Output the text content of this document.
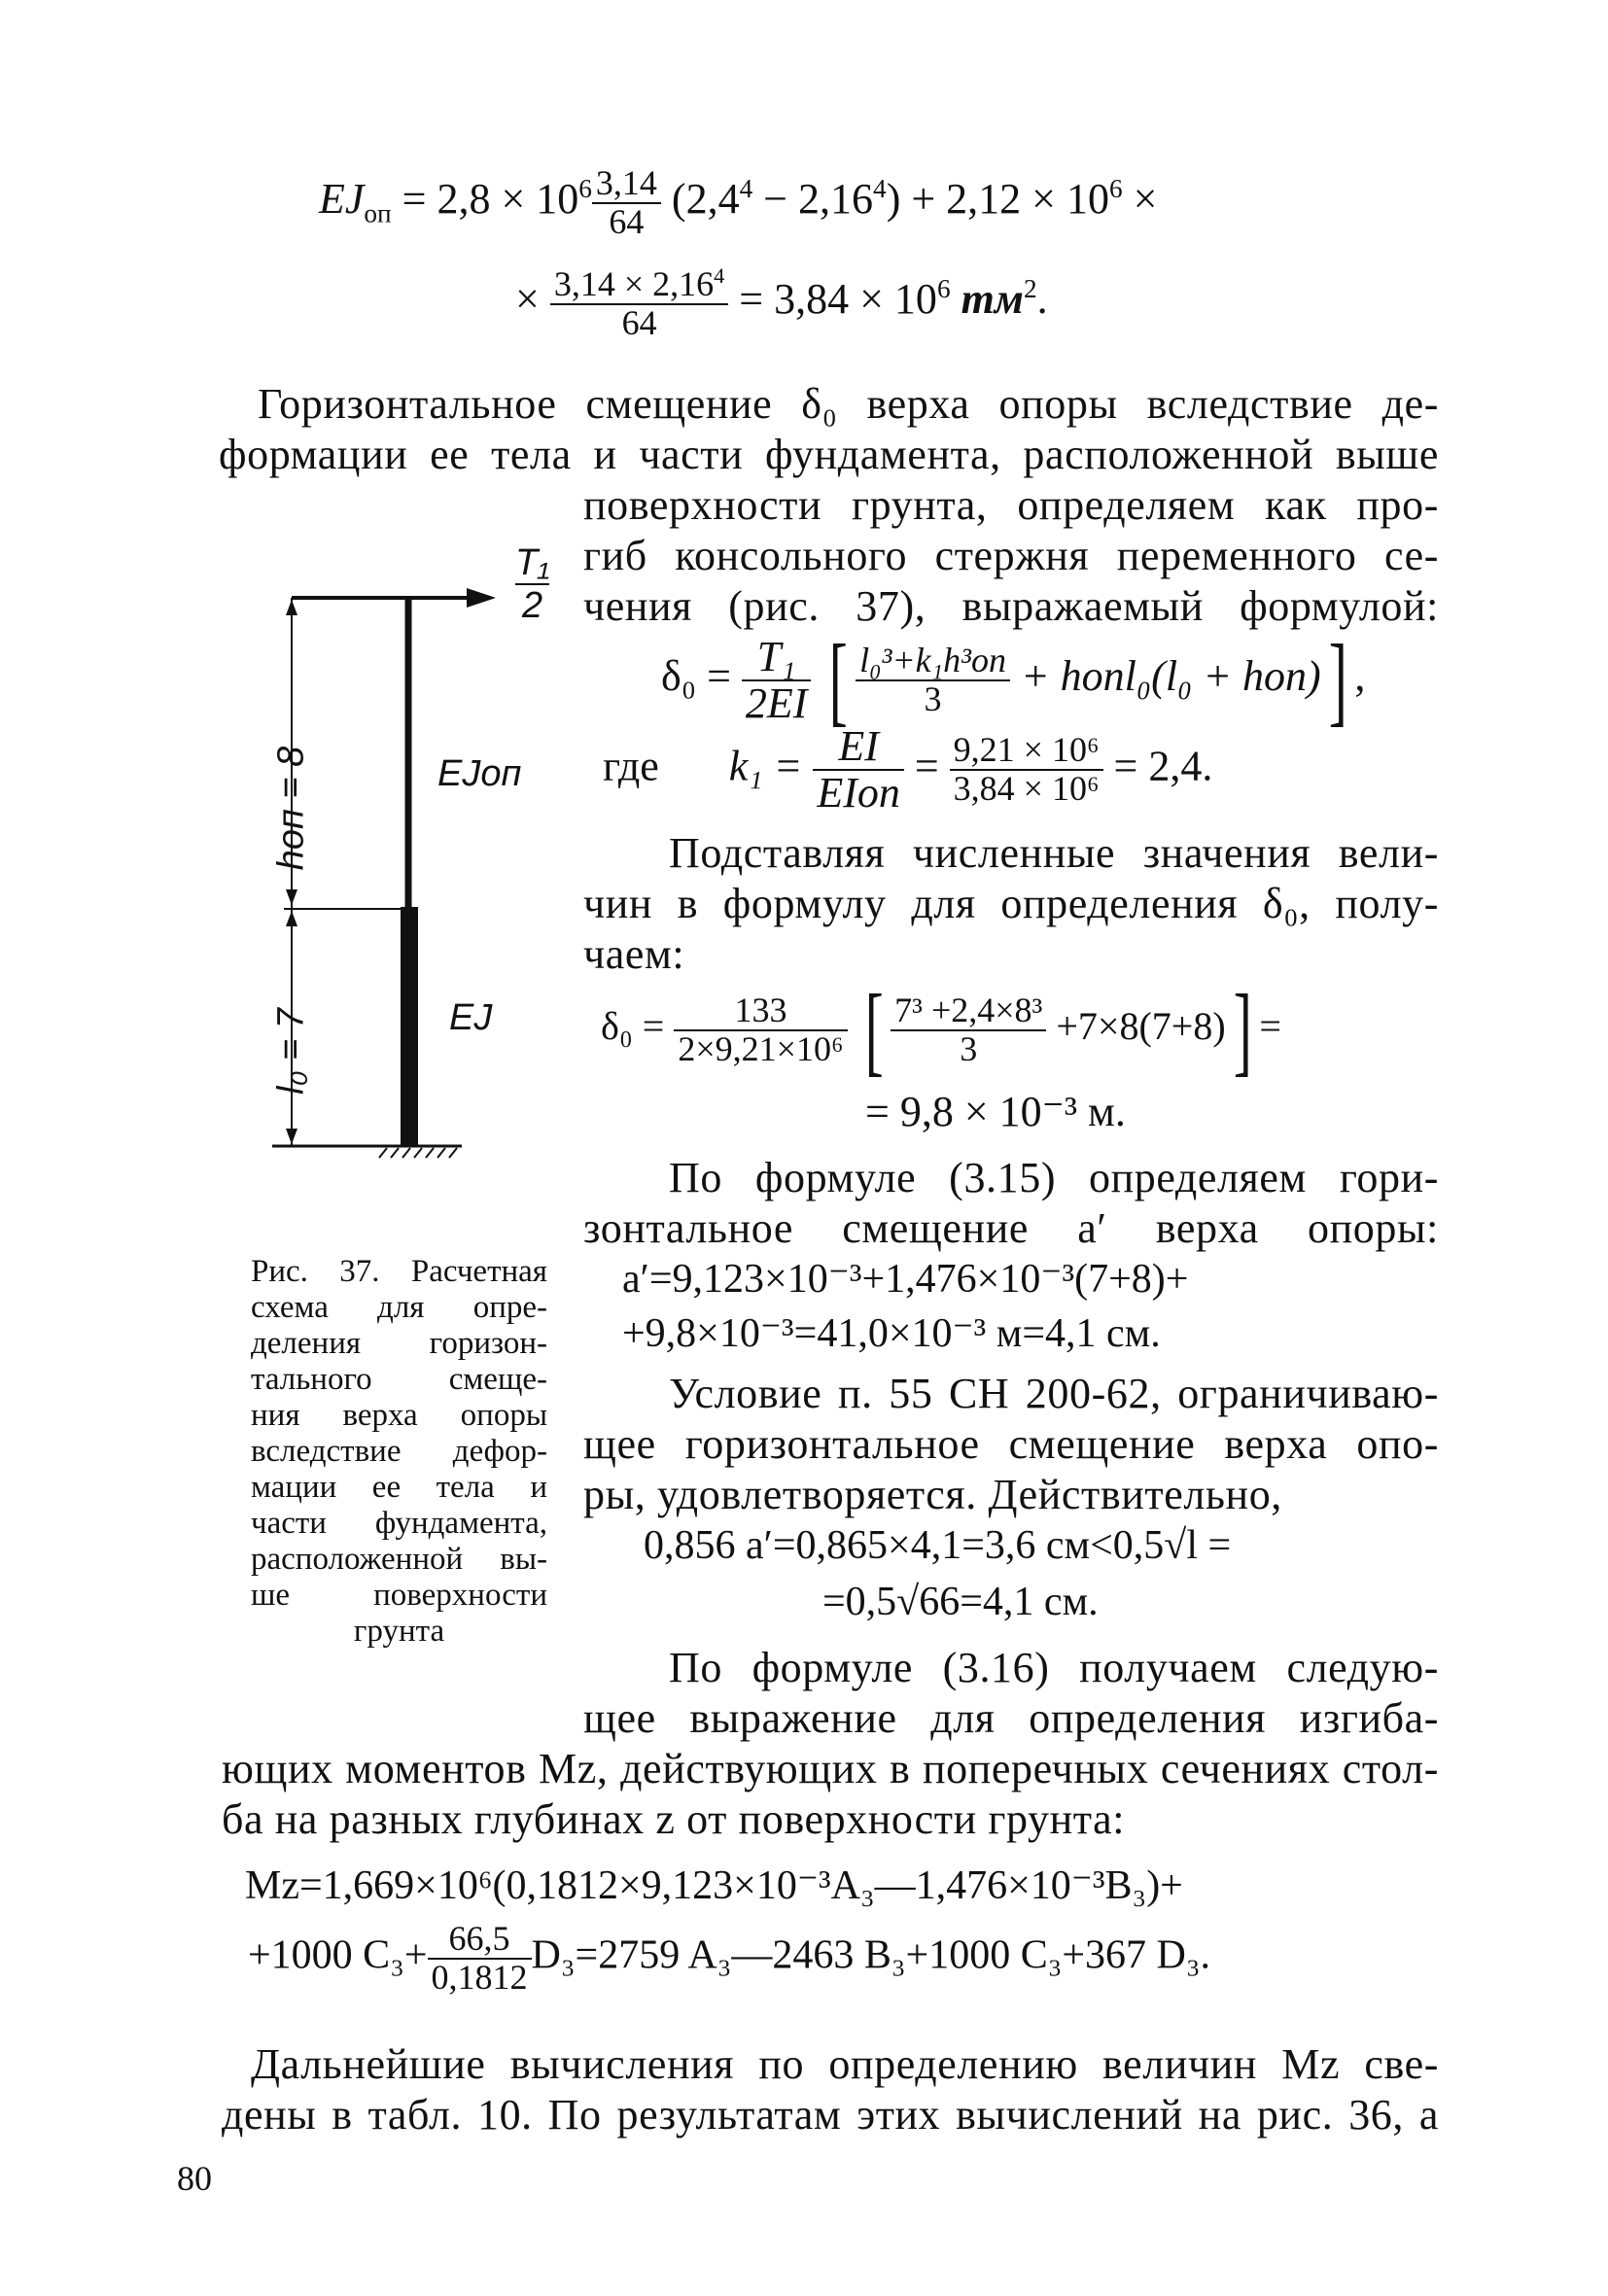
$EJ_{оп} = 2,8 \times 10^6 \frac{3,14}{64} (2,4^4 - 2,16^4) + 2,12 \times 10^6$ ×
× $\frac{3,14 \times 2,16^4}{64} = 3,84 \times 10^6$ $тм^2$.
Горизонтальное смещение δ₀ верха опоры вследствие де-
формации ее тела и части фундамента, расположенной выше
поверхности грунта, определяем как про-
гиб консольного стержня переменного се-
чения (рис. 37), выражаемый формулой:
$\delta_0 = \frac{\text{T₁}}{2EI}$ [ $\frac{\text{l₀³+k₁h³оп}}{3}$ + hопl₀(l₀ + hоп)] ,
где $k_1 = \frac{EI}{\text{EIоп}} = \frac{\text{9,21 × 10⁶}}{\text{3,84 × 10⁶}} = 2,4$.
Подставляя численные значения вели-
чин в формулу для определения δ₀, полу-
чаем:
$\delta_0 = \frac{133}{\text{2×9,21×10⁶}}$ [ $\frac{\text{7³ +2,4×8³}}{3} +7\times 8(7+8)$] =
= 9,8 × 10⁻³ м.
По формуле (3.15) определяем гори-
зонтальное смещение a′ верха опоры:
a′=9,123×10⁻³+1,476×10⁻³(7+8)+
+9,8×10⁻³=41,0×10⁻³ м=4,1 см.
Условие п. 55 СН 200-62, ограничиваю-
щее горизонтальное смещение верха опо-
ры, удовлетворяется. Действительно,
0,856 a′=0,865×4,1=3,6 см<0,5√l =
=0,5√66=4,1 см.
По формуле (3.16) получаем следую-
щее выражение для определения изгиба-
ющих моментов Mz, действующих в поперечных сечениях стол-
ба на разных глубинах z от поверхности грунта:
Mz=1,669×10⁶(0,1812×9,123×10⁻³A₃—1,476×10⁻³B₃)+
+1000 $C_3+ \frac{66,5}{0,1812} D_3=2759$ A₃—2463 B₃+1000 C₃+367 D₃.
Дальнейшие вычисления по определению величин Mz све-
дены в табл. 10. По результатам этих вычислений на рис. 36, a
80
T₁
2
EJоп
EJ
hоп = 8
l₀ = 7
Рис. 37. Расчетная
схема для опре-
деления горизон-
тального смеще-
ния верха опоры
вследствие дефор-
мации ее тела и
части фундамента,
расположенной вы-
ше поверхности
грунта
